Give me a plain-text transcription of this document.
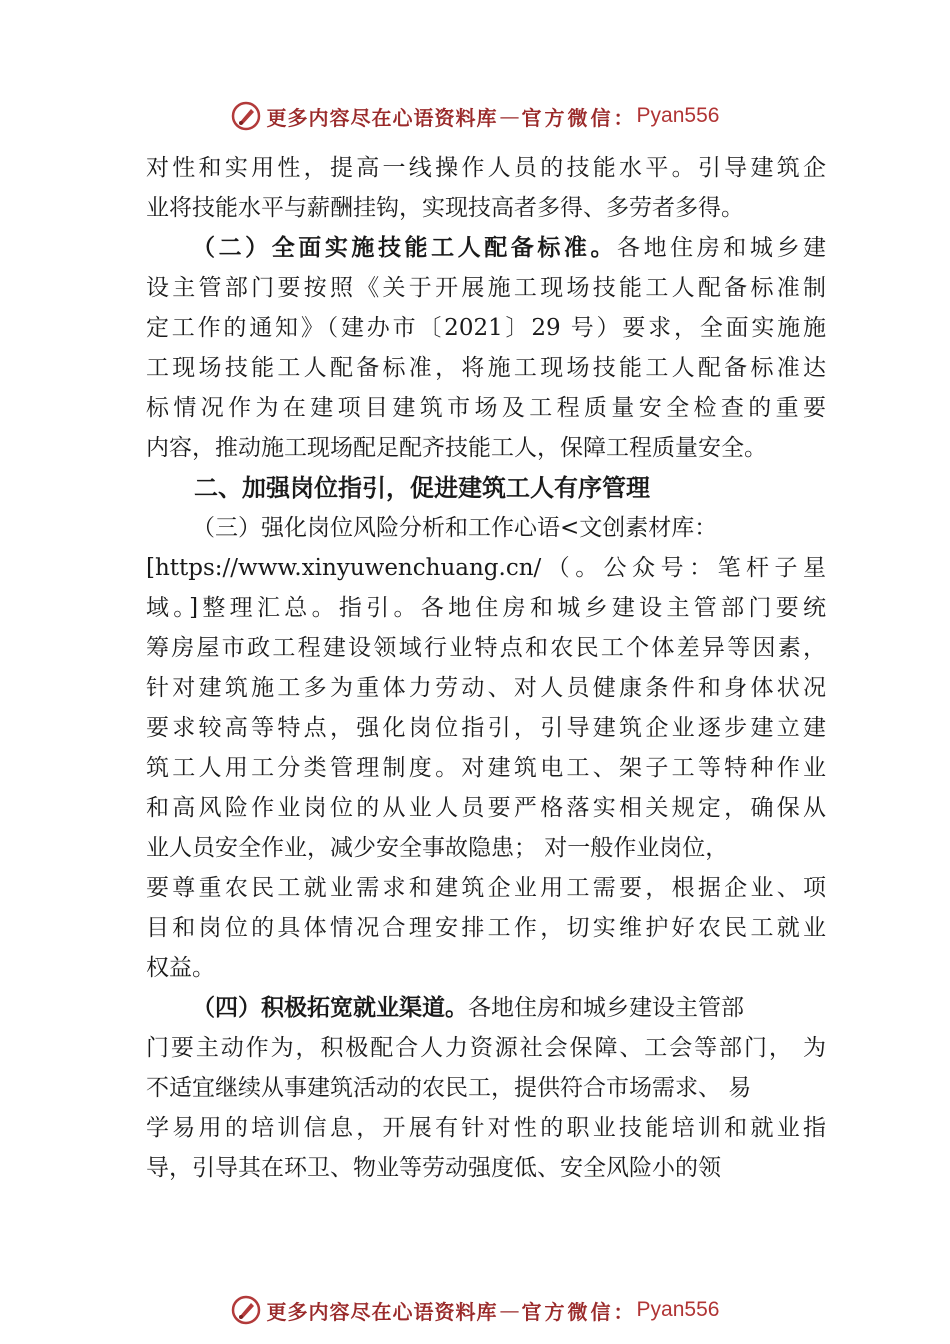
更多内容尽在心语资料库 — 官方微信： Pyan556
对性和实用性，提高一线操作人员的技能水平。引导建筑企
业将技能水平与薪酬挂钩，实现技高者多得、多劳者多得。
（二）全面实施技能工人配备标准。各地住房和城乡建
设主管部门要按照《关于开展施工现场技能工人配备标准制
定工作的通知》（建办市〔2021〕29 号）要求，全面实施施
工现场技能工人配备标准，将施工现场技能工人配备标准达
标情况作为在建项目建筑市场及工程质量安全检查的重要
内容，推动施工现场配足配齐技能工人，保障工程质量安全。
二、加强岗位指引，促进建筑工人有序管理
（三）强化岗位风险分析和工作心语<文创素材库：
[https://www.xinyuwenchuang.cn/（。公众号：笔杆子星
域。]整理汇总。指引。各地住房和城乡建设主管部门要统
筹房屋市政工程建设领域行业特点和农民工个体差异等因素，
针对建筑施工多为重体力劳动、对人员健康条件和身体状况
要求较高等特点，强化岗位指引，引导建筑企业逐步建立建
筑工人用工分类管理制度。对建筑电工、架子工等特种作业
和高风险作业岗位的从业人员要严格落实相关规定，确保从
业人员安全作业，减少安全事故隐患； 对一般作业岗位，
要尊重农民工就业需求和建筑企业用工需要，根据企业、项
目和岗位的具体情况合理安排工作，切实维护好农民工就业
权益。
（四）积极拓宽就业渠道。各地住房和城乡建设主管部
门要主动作为，积极配合人力资源社会保障、工会等部门， 为
不适宜继续从事建筑活动的农民工，提供符合市场需求、 易
学易用的培训信息，开展有针对性的职业技能培训和就业指
导，引导其在环卫、物业等劳动强度低、安全风险小的领
更多内容尽在心语资料库 — 官方微信： Pyan556
